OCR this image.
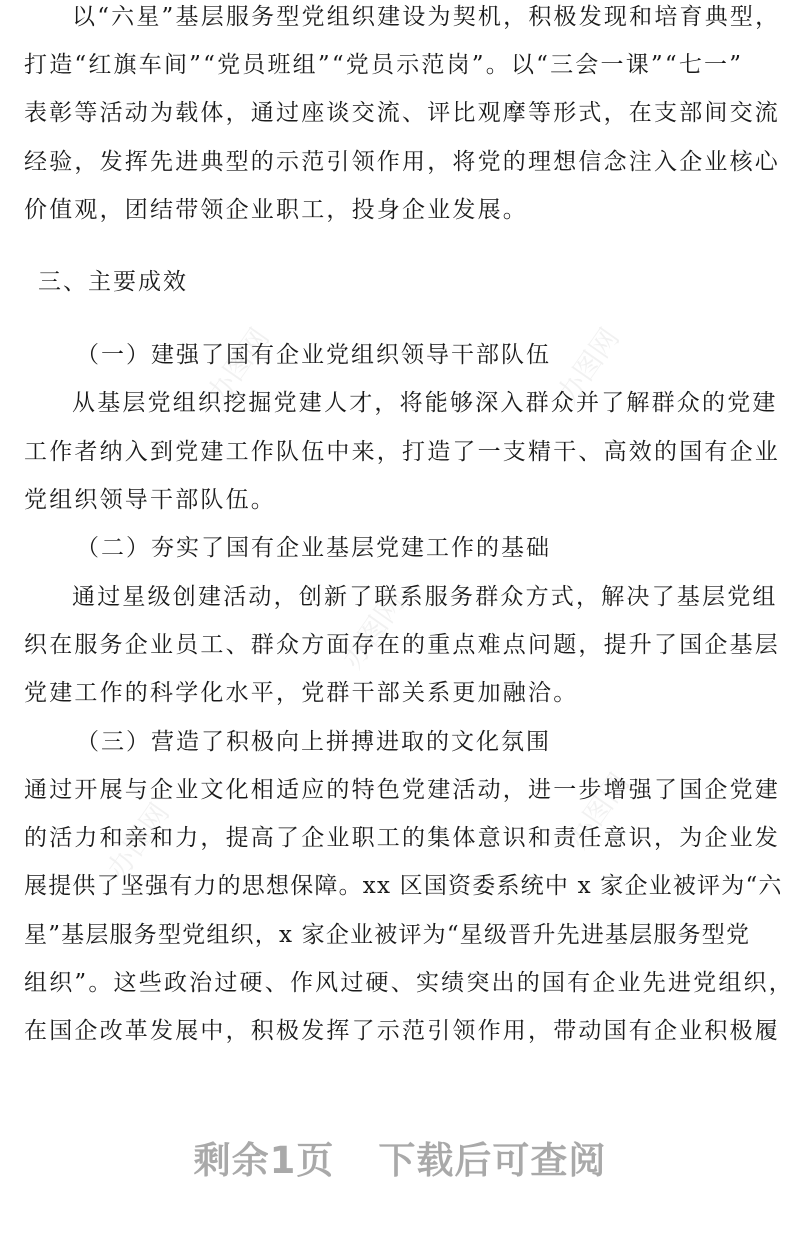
办图网	办图网
办图网
办图网	办图网
以“六星”基层服务型党组织建设为契机，积极发现和培育典型，
打造“红旗车间”“党员班组”“党员示范岗”。以“三会一课”“七一”
表彰等活动为载体，通过座谈交流、评比观摩等形式，在支部间交流
经验，发挥先进典型的示范引领作用，将党的理想信念注入企业核心
价值观，团结带领企业职工，投身企业发展。
三、主要成效
（一）建强了国有企业党组织领导干部队伍
从基层党组织挖掘党建人才，将能够深入群众并了解群众的党建
工作者纳入到党建工作队伍中来，打造了一支精干、高效的国有企业
党组织领导干部队伍。
（二）夯实了国有企业基层党建工作的基础
通过星级创建活动，创新了联系服务群众方式，解决了基层党组
织在服务企业员工、群众方面存在的重点难点问题，提升了国企基层
党建工作的科学化水平，党群干部关系更加融洽。
（三）营造了积极向上拼搏进取的文化氛围
通过开展与企业文化相适应的特色党建活动，进一步增强了国企党建
的活力和亲和力，提高了企业职工的集体意识和责任意识，为企业发
展提供了坚强有力的思想保障。xx 区国资委系统中 x 家企业被评为“六
星”基层服务型党组织，x 家企业被评为“星级晋升先进基层服务型党
组织”。这些政治过硬、作风过硬、实绩突出的国有企业先进党组织，
在国企改革发展中，积极发挥了示范引领作用，带动国有企业积极履
剩余1页 下载后可查阅
